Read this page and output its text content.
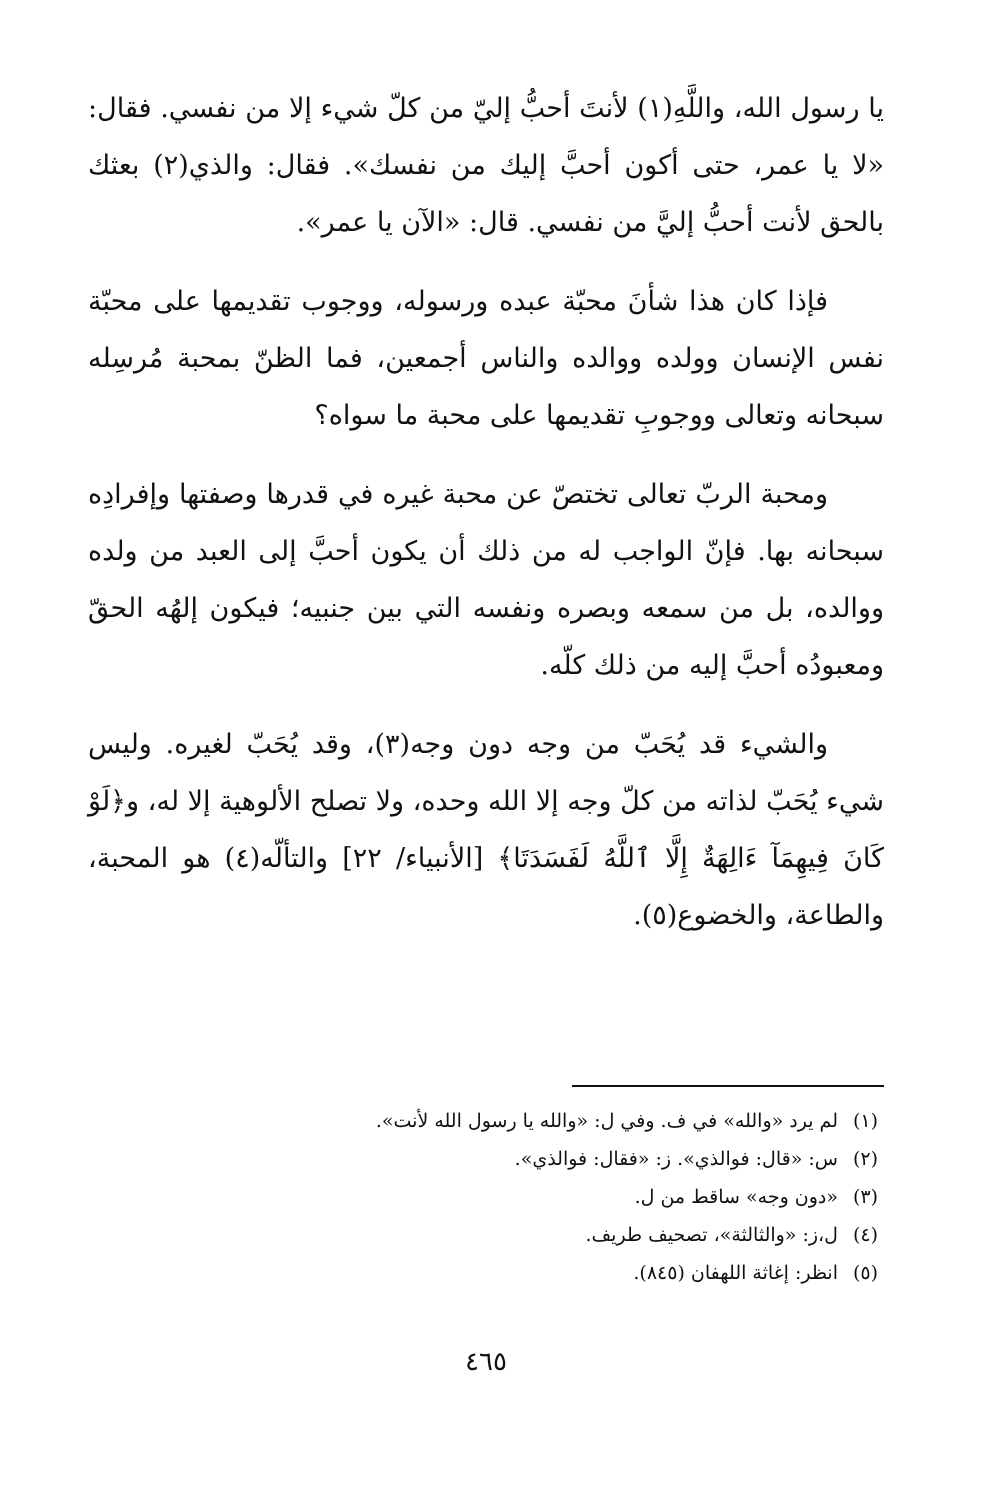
يا رسول الله، واللَّهِ(١) لأنتَ أحبُّ إليّ من كلّ شيء إلا من نفسي. فقال: «لا يا عمر، حتى أكون أحبَّ إليك من نفسك». فقال: والذي(٢) بعثك بالحق لأنت أحبُّ إليَّ من نفسي. قال: «الآن يا عمر».

فإذا كان هذا شأنَ محبّة عبده ورسوله، ووجوب تقديمها على محبّة نفس الإنسان وولده ووالده والناس أجمعين، فما الظنّ بمحبة مُرسِله سبحانه وتعالى ووجوبِ تقديمها على محبة ما سواه؟

ومحبة الربّ تعالى تختصّ عن محبة غيره في قدرها وصفتها وإفرادِه سبحانه بها. فإنّ الواجب له من ذلك أن يكون أحبَّ إلى العبد من ولده ووالده، بل من سمعه وبصره ونفسه التي بين جنبيه؛ فيكون إلهُه الحقّ ومعبودُه أحبَّ إليه من ذلك كلّه.

والشيء قد يُحَبّ من وجه دون وجه(٣)، وقد يُحَبّ لغيره. وليس شيء يُحَبّ لذاته من كلّ وجه إلا الله وحده، ولا تصلح الألوهية إلا له، و﴿لَوْ كَانَ فِيهِمَآ ءَالِهَةٌ إِلَّا ٱللَّهُ لَفَسَدَتَا﴾ [الأنبياء/ ٢٢] والتألّه(٤) هو المحبة، والطاعة، والخضوع(٥).

(١)
لم يرد «والله» في ف. وفي ل: «والله يا رسول الله لأنت».
(٢)
س: «قال: فوالذي». ز: «فقال: فوالذي».
(٣)
«دون وجه» ساقط من ل.
(٤)
ل،ز: «والثالثة»، تصحيف طريف.
(٥)
انظر: إغاثة اللهفان (٨٤٥).
٤٦٥
